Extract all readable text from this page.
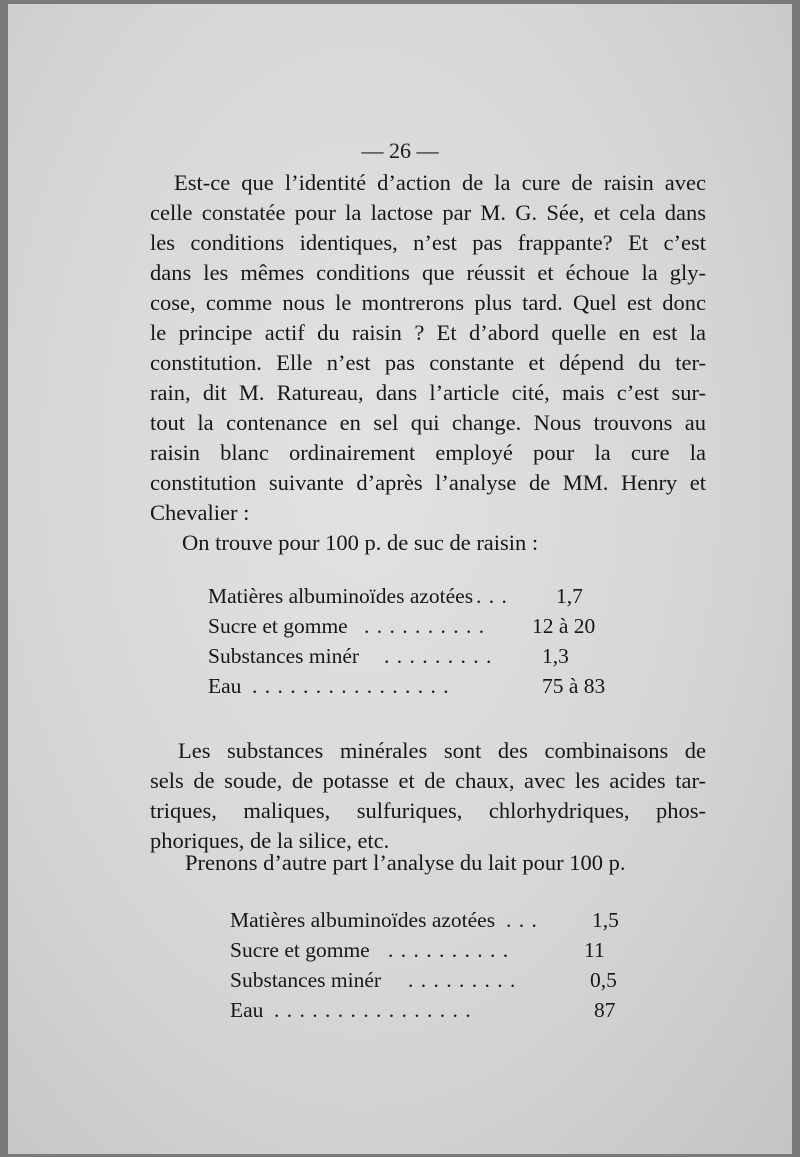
— 26 —

Est-ce que l’identité d’action de la cure de raisin avec
celle constatée pour la lactose par M. G. Sée, et cela dans
les conditions identiques, n’est pas frappante? Et c’est
dans les mêmes conditions que réussit et échoue la gly-
cose, comme nous le montrerons plus tard. Quel est donc
le principe actif du raisin ? Et d’abord quelle en est la
constitution. Elle n’est pas constante et dépend du ter-
rain, dit M. Ratureau, dans l’article cité, mais c’est sur-
tout la contenance en sel qui change. Nous trouvons au
raisin blanc ordinairement employé pour la cure la
constitution suivante d’après l’analyse de MM. Henry et
Chevalier :

On trouve pour 100 p. de suc de raisin :
Matières albuminoïdes azotées . . . 1,7
Sucre et gomme . . . . . . . . . . 12 à 20
Substances minér . . . . . . . . . 1,3
Eau . . . . . . . . . . . . . . . .	75 à 83

Les substances minérales sont des combinaisons de
sels de soude, de potasse et de chaux, avec les acides tar-
triques, maliques, sulfuriques, chlorhydriques, phos-
phoriques, de la silice, etc.

Prenons d’autre part l’analyse du lait pour 100 p.
Matières albuminoïdes azotées . . .	1,5
Sucre et gomme . . . . . . . . . .	11
Substances minér . . . . . . . . .	0,5
Eau . . . . . . . . . . . . . . . .	87
